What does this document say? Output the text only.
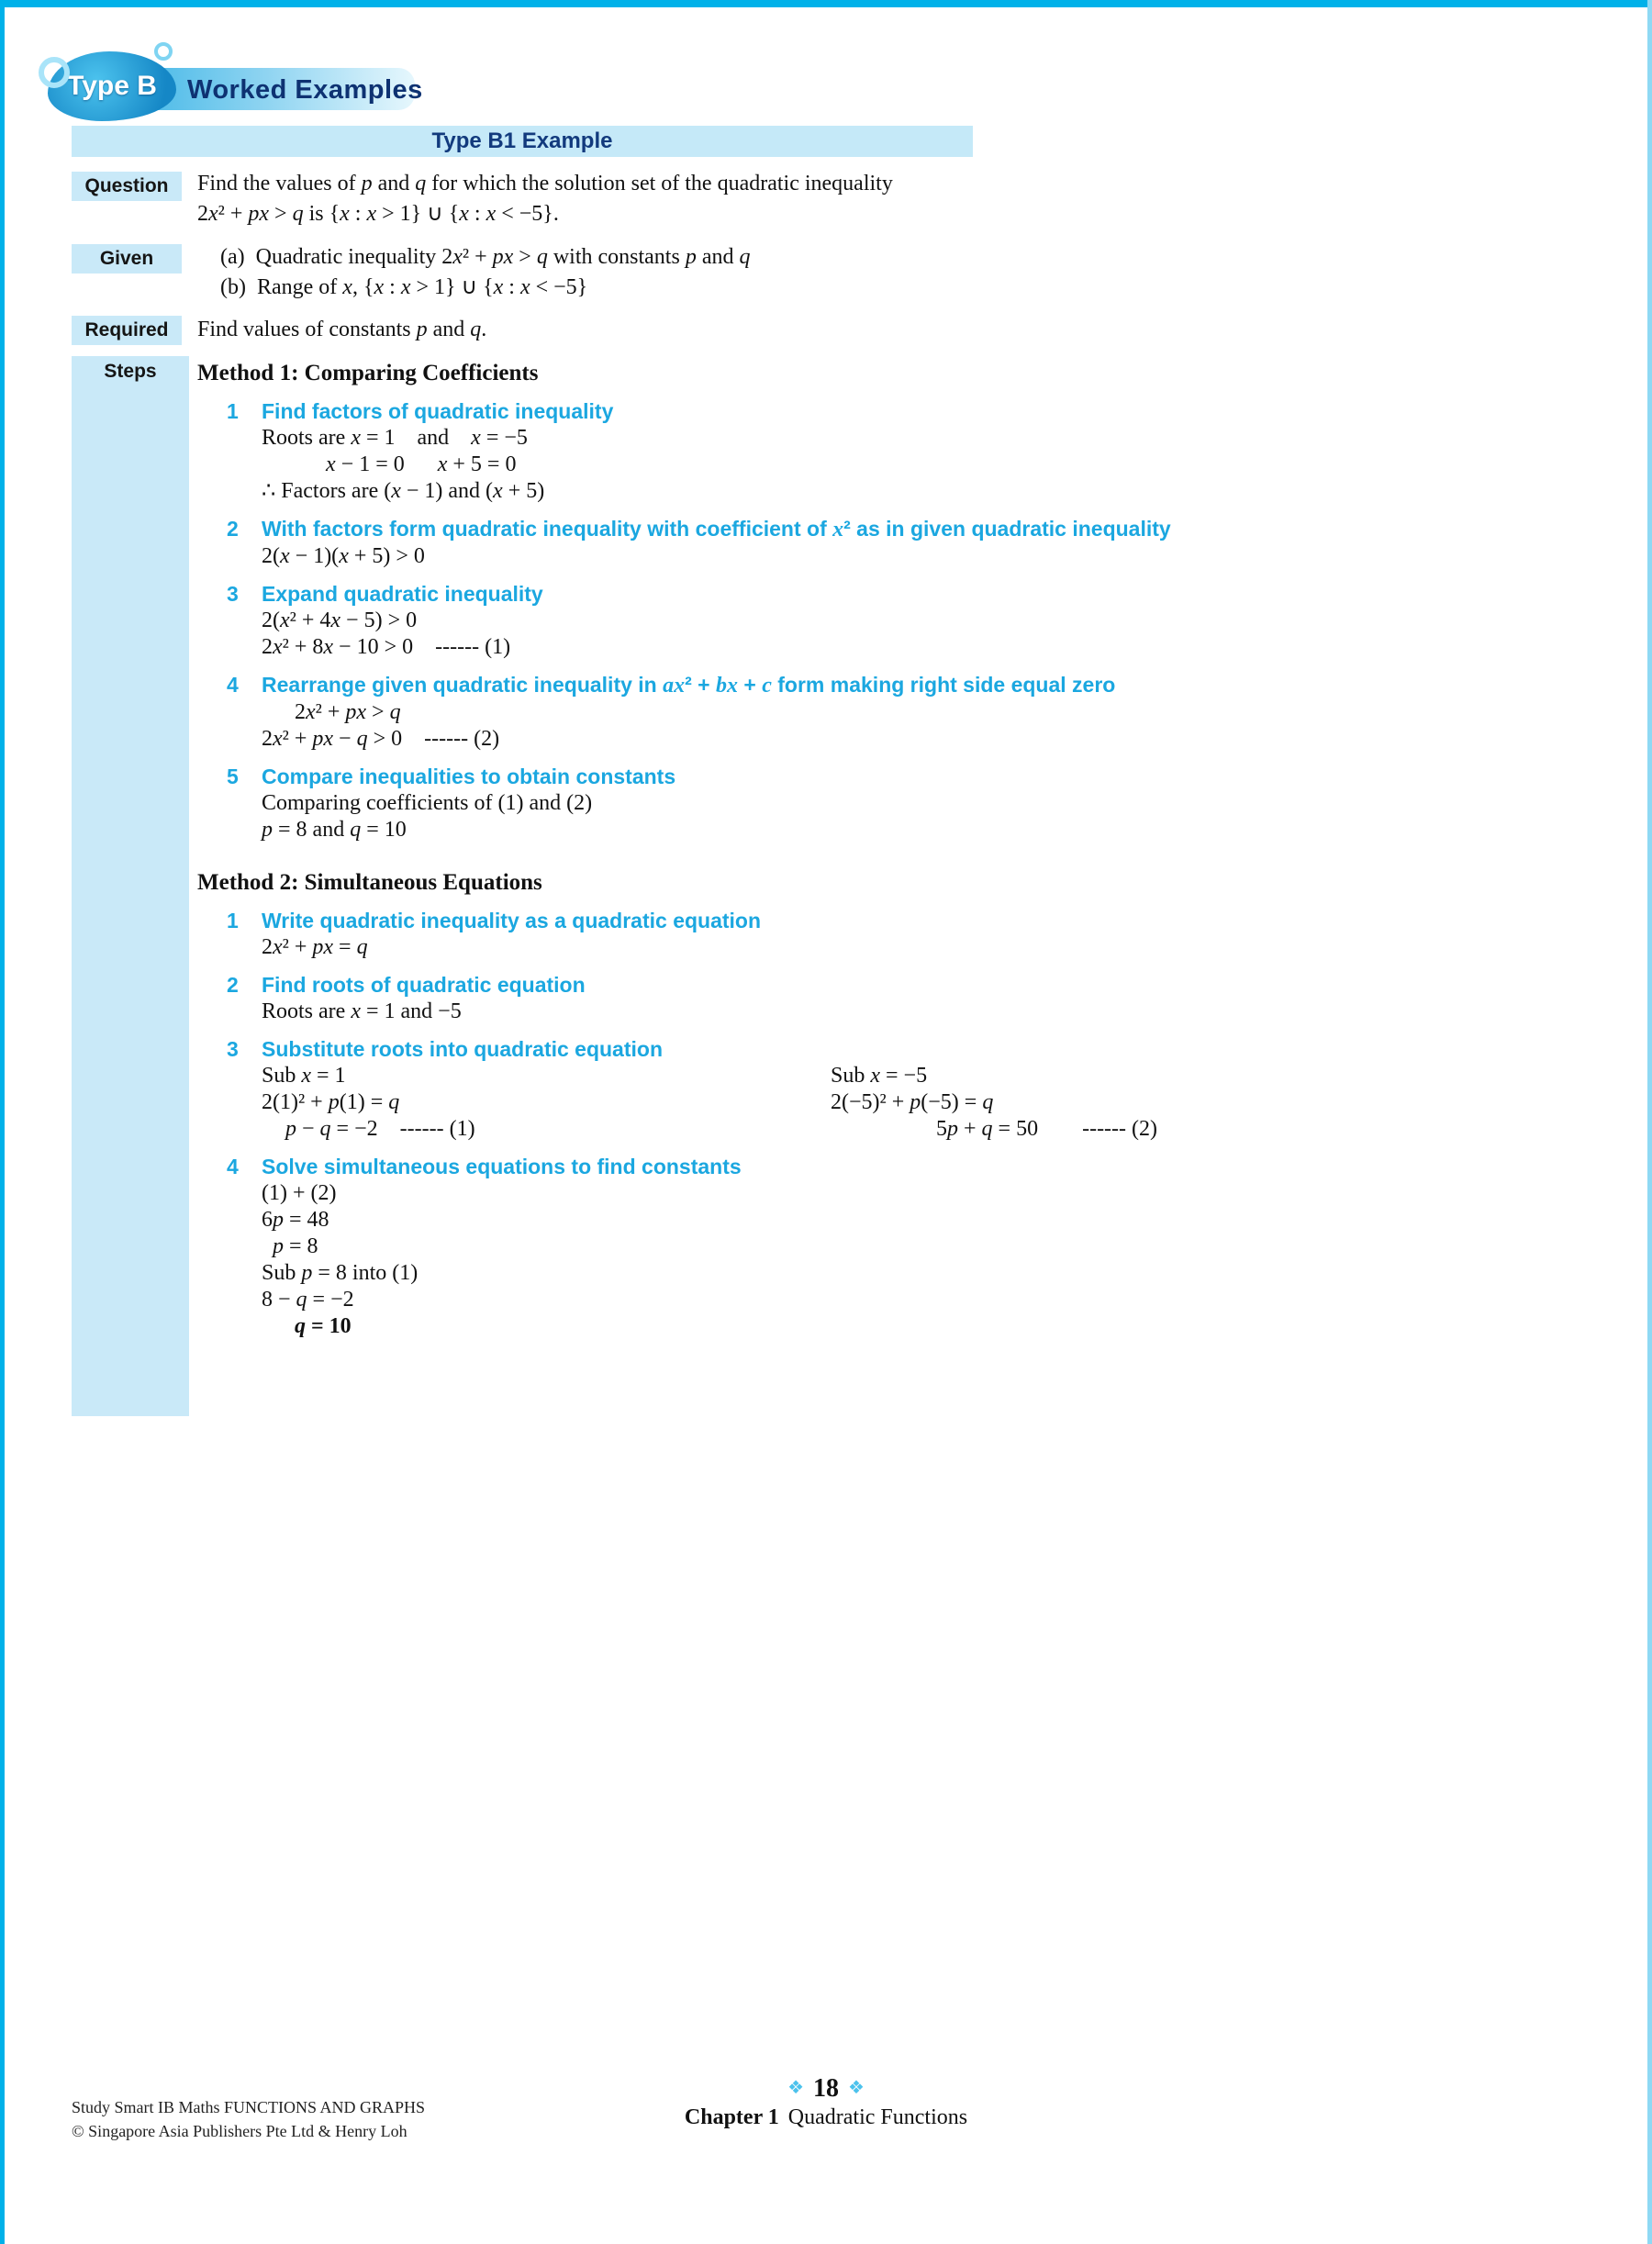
Worked Examples
Type B
Type B1 Example
Question
Given
Required
Find the values of p and q for which the solution set of the quadratic inequality
2x² + px > q is {x : x > 1} ∪ {x : x < −5}.
(a)  Quadratic inequality 2x² + px > q with constants p and q
(b)  Range of x, {x : x > 1} ∪ {x : x < −5}
Find values of constants p and q.
Steps	Method 1: Comparing Coefficients
1 Find factors of quadratic inequality
Roots are x = 1    and    x = −5
x − 1 = 0      x + 5 = 0
∴ Factors are (x − 1) and (x + 5)
2 With factors form quadratic inequality with coefficient of x² as in given quadratic inequality
2(x − 1)(x + 5) > 0
3 Expand quadratic inequality
2(x² + 4x − 5) > 0
2x² + 8x − 10 > 0    ------ (1)
4 Rearrange given quadratic inequality in ax² + bx + c form making right side equal zero
2x² + px > q
2x² + px − q > 0    ------ (2)
5 Compare inequalities to obtain constants
Comparing coefficients of (1) and (2)
p = 8 and q = 10
Method 2: Simultaneous Equations
1 Write quadratic inequality as a quadratic equation
2x² + px = q
2 Find roots of quadratic equation
Roots are x = 1 and −5
3 Substitute roots into quadratic equation
Sub x = 1
2(1)² + p(1) = q
p − q = −2    ------ (1)
Sub x = −5
2(−5)² + p(−5) = q
5p + q = 50        ------ (2)
4 Solve simultaneous equations to find constants
(1) + (2)
6p = 48
p = 8
Sub p = 8 into (1)
8 − q = −2
q = 10
Study Smart IB Maths FUNCTIONS AND GRAPHS
© Singapore Asia Publishers Pte Ltd & Henry Loh
❖ 18 ❖
Chapter 1 Quadratic Functions
